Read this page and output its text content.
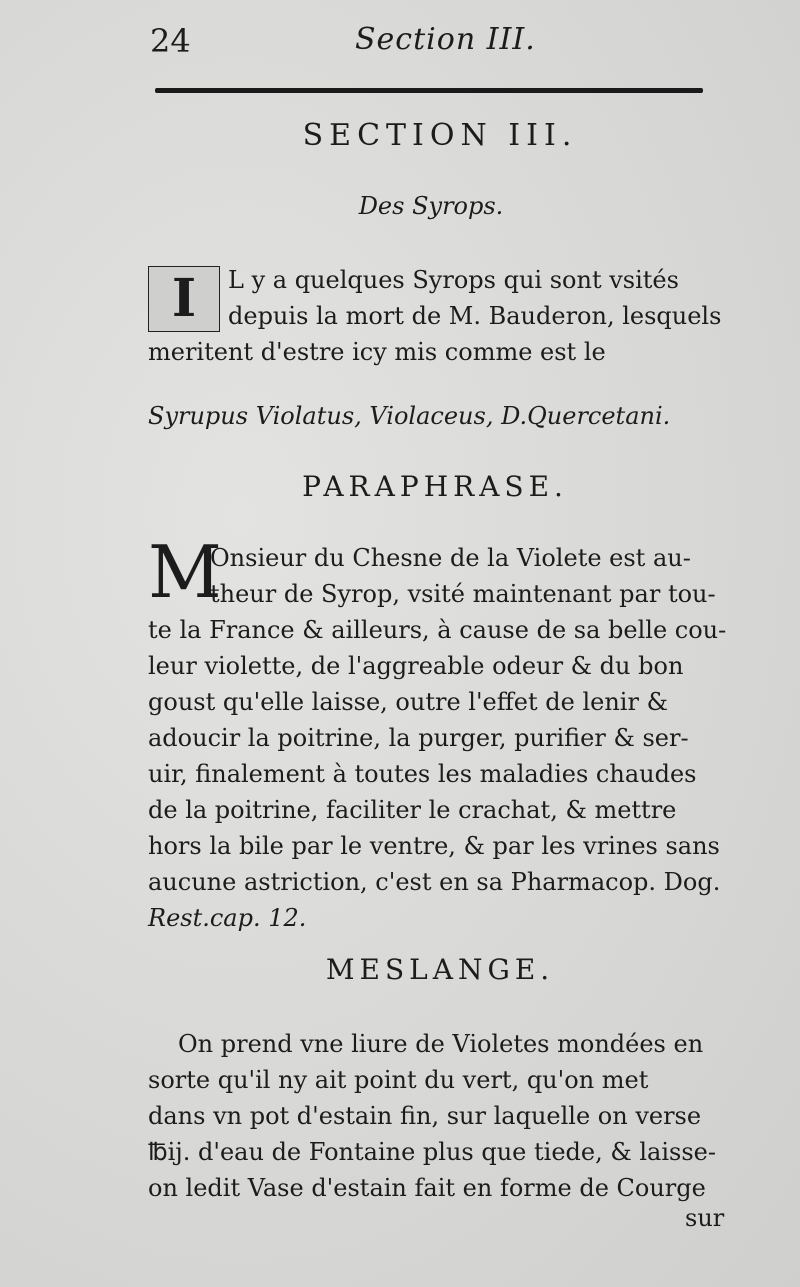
24	Section III.
SECTION III.
Des Syrops.
I	L y a quelques Syrops qui sont vsités
depuis la mort de M. Bauderon, lesquels
meritent d'estre icy mis comme est le
Syrupus Violatus, Violaceus, D.Quercetani.
PARAPHRASE.
M
Onsieur du Chesne de la Violete est au-
theur de Syrop, vsité maintenant par tou-
te la France & ailleurs, à cause de sa belle cou-
leur violette, de l'aggreable odeur & du bon
goust qu'elle laisse, outre l'effet de lenir &
adoucir la poitrine, la purger, purifier & ser-
uir, finalement à toutes les maladies chaudes
de la poitrine, faciliter le crachat, & mettre
hors la bile par le ventre, & par les vrines sans
aucune astriction, c'est en sa Pharmacop. Dog.
Rest.cap. 12.
MESLANGE.
On prend vne liure de Violetes mondées en
sorte qu'il ny ait point du vert, qu'on met
dans vn pot d'estain fin, sur laquelle on verse
℔ij. d'eau de Fontaine plus que tiede, & laisse-
on ledit Vase d'estain fait en forme de Courge
sur
